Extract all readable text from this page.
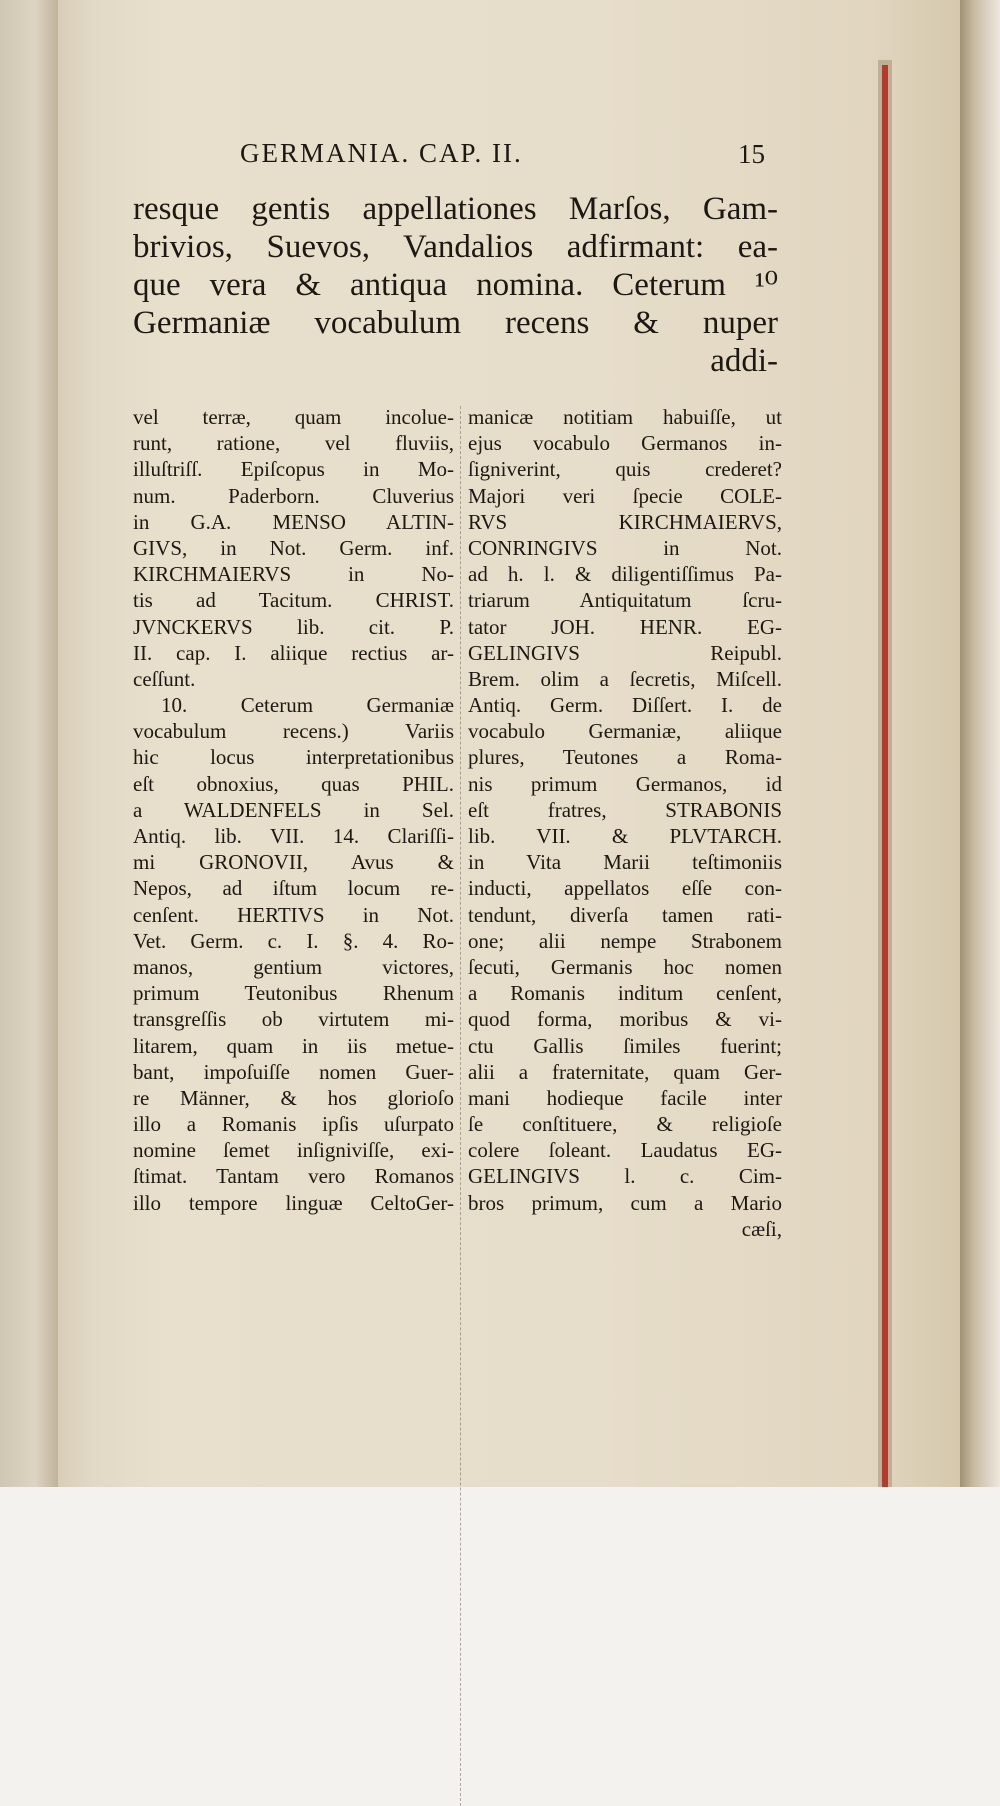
GERMANIA. CAP. II.	15
resque gentis appellationes Marſos, Gam-
brivios, Suevos, Vandalios adfirmant: ea-
que vera & antiqua nomina. Ceterum ¹⁰
Germaniæ vocabulum recens & nuper
addi-
vel terræ, quam incolue-
runt, ratione, vel fluviis,
illuſtriſſ. Epiſcopus in Mo-
num. Paderborn. Cluverius
in G.A. MENSO ALTIN-
GIVS, in Not. Germ. inf.
KIRCHMAIERVS in No-
tis ad Tacitum. CHRIST.
JVNCKERVS lib. cit. P.
II. cap. I. aliique rectius ar-
ceſſunt.
10. Ceterum Germaniæ
vocabulum recens.) Variis
hic locus interpretationibus
eſt obnoxius, quas PHIL.
a WALDENFELS in Sel.
Antiq. lib. VII. 14. Clariſſi-
mi GRONOVII, Avus &
Nepos, ad iſtum locum re-
cenſent. HERTIVS in Not.
Vet. Germ. c. I. §. 4. Ro-
manos, gentium victores,
primum Teutonibus Rhenum
transgreſſis ob virtutem mi-
litarem, quam in iis metue-
bant, impoſuiſſe nomen Guer-
re Männer, & hos glorioſo
illo a Romanis ipſis uſurpato
nomine ſemet inſigniviſſe, exi-
ſtimat. Tantam vero Romanos
illo tempore linguæ CeltoGer-
manicæ notitiam habuiſſe, ut
ejus vocabulo Germanos in-
ſigniverint, quis crederet?
Majori veri ſpecie COLE-
RVS KIRCHMAIERVS,
CONRINGIVS in Not.
ad h. l. & diligentiſſimus Pa-
triarum Antiquitatum ſcru-
tator JOH. HENR. EG-
GELINGIVS Reipubl.
Brem. olim a ſecretis, Miſcell.
Antiq. Germ. Diſſert. I. de
vocabulo Germaniæ, aliique
plures, Teutones a Roma-
nis primum Germanos, id
eſt fratres, STRABONIS
lib. VII. & PLVTARCH.
in Vita Marii teſtimoniis
inducti, appellatos eſſe con-
tendunt, diverſa tamen rati-
one; alii nempe Strabonem
ſecuti, Germanis hoc nomen
a Romanis inditum cenſent,
quod forma, moribus & vi-
ctu Gallis ſimiles fuerint;
alii a fraternitate, quam Ger-
mani hodieque facile inter
ſe conſtituere, & religioſe
colere ſoleant. Laudatus EG-
GELINGIVS l. c. Cim-
bros primum, cum a Mario
cæſi,
